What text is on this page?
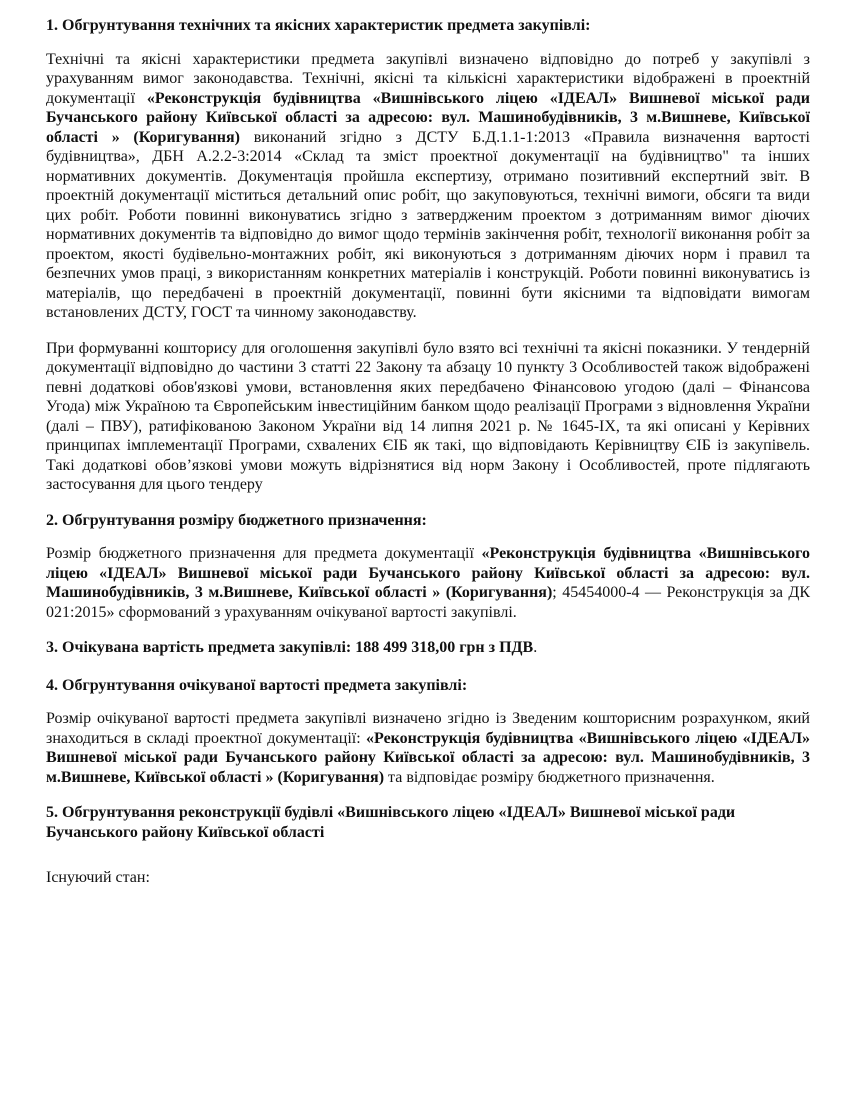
1. Обгрунтування технічних та якісних характеристик предмета закупівлі:

Технічні та якісні характеристики предмета закупівлі визначено відповідно до потреб у закупівлі з урахуванням вимог законодавства. Технічні, якісні та кількісні характеристики відображені в проектній документації «Реконструкція будівництва «Вишнівського ліцею «ІДЕАЛ» Вишневої міської ради Бучанського району Київської області за адресою: вул. Машинобудівників, 3 м.Вишневе, Київської області » (Коригування) виконаний згідно з ДСТУ Б.Д.1.1-1:2013 «Правила визначення вартості будівництва», ДБН А.2.2-3:2014 «Склад та зміст проектної документації на будівництво" та інших нормативних документів. Документація пройшла експертизу, отримано позитивний експертний звіт. В проектній документації міститься детальний опис робіт, що закуповуються, технічні вимоги, обсяги та види цих робіт. Роботи повинні виконуватись згідно з затвердженим проектом з дотриманням вимог діючих нормативних документів та відповідно до вимог щодо термінів закінчення робіт, технології виконання робіт за проектом, якості будівельно-монтажних робіт, які виконуються з дотриманням діючих норм і правил та безпечних умов праці, з використанням конкретних матеріалів і конструкцій. Роботи повинні виконуватись із матеріалів, що передбачені в проектній документації, повинні бути якісними та відповідати вимогам встановлених ДСТУ, ГОСТ та чинному законодавству.

При формуванні кошторису для оголошення закупівлі було взято всі технічні та якісні показники. У тендерній документації відповідно до частини 3 статті 22 Закону та абзацу 10 пункту 3 Особливостей також відображені певні додаткові обов'язкові умови, встановлення яких передбачено Фінансовою угодою (далі – Фінансова Угода) між Україною та Європейським інвестиційним банком щодо реалізації Програми з відновлення України (далі – ПВУ), ратифікованою Законом України від 14 липня 2021 р. № 1645-IX, та які описані у Керівних принципах імплементації Програми, схвалених ЄІБ як такі, що відповідають Керівництву ЄІБ із закупівель. Такі додаткові обов’язкові умови можуть відрізнятися від норм Закону і Особливостей, проте підлягають застосування для цього тендеру

2. Обгрунтування розміру бюджетного призначення:

Розмір бюджетного призначення для предмета документації «Реконструкція будівництва «Вишнівського ліцею «ІДЕАЛ» Вишневої міської ради Бучанського району Київської області за адресою: вул. Машинобудівників, 3 м.Вишневе, Київської області » (Коригування); 45454000-4 — Реконструкція за ДК 021:2015» сформований з урахуванням очікуваної вартості закупівлі.

3. Очікувана вартість предмета закупівлі: 188 499 318,00 грн з ПДВ.
4. Обгрунтування очікуваної вартості предмета закупівлі:

Розмір очікуваної вартості предмета закупівлі визначено згідно із Зведеним кошторисним розрахунком, який знаходиться в складі проектної документації: «Реконструкція будівництва «Вишнівського ліцею «ІДЕАЛ» Вишневої міської ради Бучанського району Київської області за адресою: вул. Машинобудівників, 3 м.Вишневе, Київської області » (Коригування) та відповідає розміру бюджетного призначення.

5. Обгрунтування реконструкції будівлі «Вишнівського ліцею «ІДЕАЛ» Вишневої міської ради Бучанського району Київської області
Існуючий стан:
